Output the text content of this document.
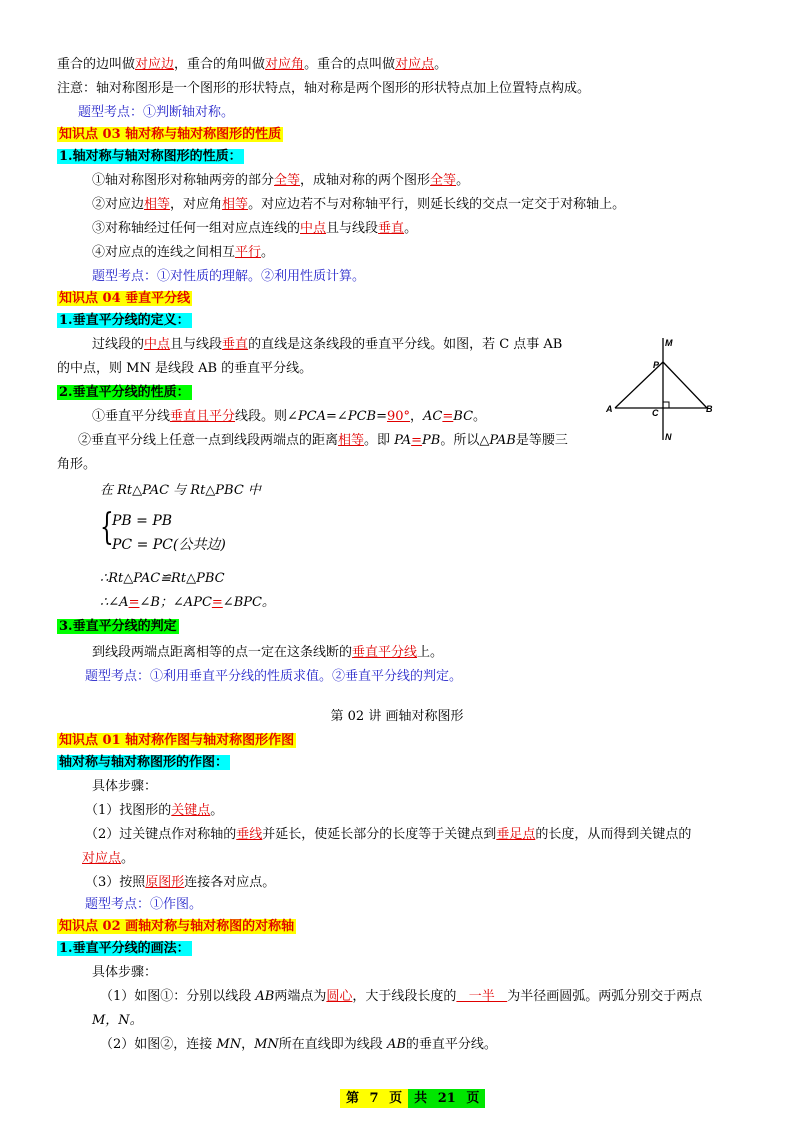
重合的边叫做对应边，重合的角叫做对应角。重合的点叫做对应点。
注意：轴对称图形是一个图形的形状特点，轴对称是两个图形的形状特点加上位置特点构成。
题型考点：①判断轴对称。
知识点 03 轴对称与轴对称图形的性质
1.轴对称与轴对称图形的性质：
①轴对称图形对称轴两旁的部分全等，成轴对称的两个图形全等。
②对应边相等，对应角相等。对应边若不与对称轴平行，则延长线的交点一定交于对称轴上。
③对称轴经过任何一组对应点连线的中点且与线段垂直。
④对应点的连线之间相互平行。
题型考点：①对性质的理解。②利用性质计算。
知识点 04 垂直平分线
1.垂直平分线的定义：
过线段的中点且与线段垂直的直线是这条线段的垂直平分线。如图，若 C 点事 AB
的中点，则 MN 是线段 AB 的垂直平分线。
M
P
A	C	B
N
2.垂直平分线的性质：
①垂直平分线垂直且平分线段。则∠PCA=∠PCB=90°，AC=BC。
②垂直平分线上任意一点到线段两端点的距离相等。即 PA=PB。所以△PAB是等腰三
角形。
在 Rt△PAC 与 Rt△PBC 中
{
PB = PB
PC = PC(公共边)
∴Rt△PAC≌Rt△PBC
∴∠A=∠B；∠APC=∠BPC。
3.垂直平分线的判定
到线段两端点距离相等的点一定在这条线断的垂直平分线上。
题型考点：①利用垂直平分线的性质求值。②垂直平分线的判定。
第 02 讲 画轴对称图形
知识点 01 轴对称作图与轴对称图形作图
轴对称与轴对称图形的作图：
具体步骤：
（1）找图形的关键点。
（2）过关键点作对称轴的垂线并延长，使延长部分的长度等于关键点到垂足点的长度，从而得到关键点的
对应点。
（3）按照原图形连接各对应点。
题型考点：①作图。
知识点 02 画轴对称与轴对称图的对称轴
1.垂直平分线的画法：
具体步骤：
（1）如图①：分别以线段 AB两端点为圆心，大于线段长度的   一半   为半径画圆弧。两弧分别交于两点
M，N。
（2）如图②，连接 MN，MN所在直线即为线段 AB的垂直平分线。
第 7 页 共 21 页
